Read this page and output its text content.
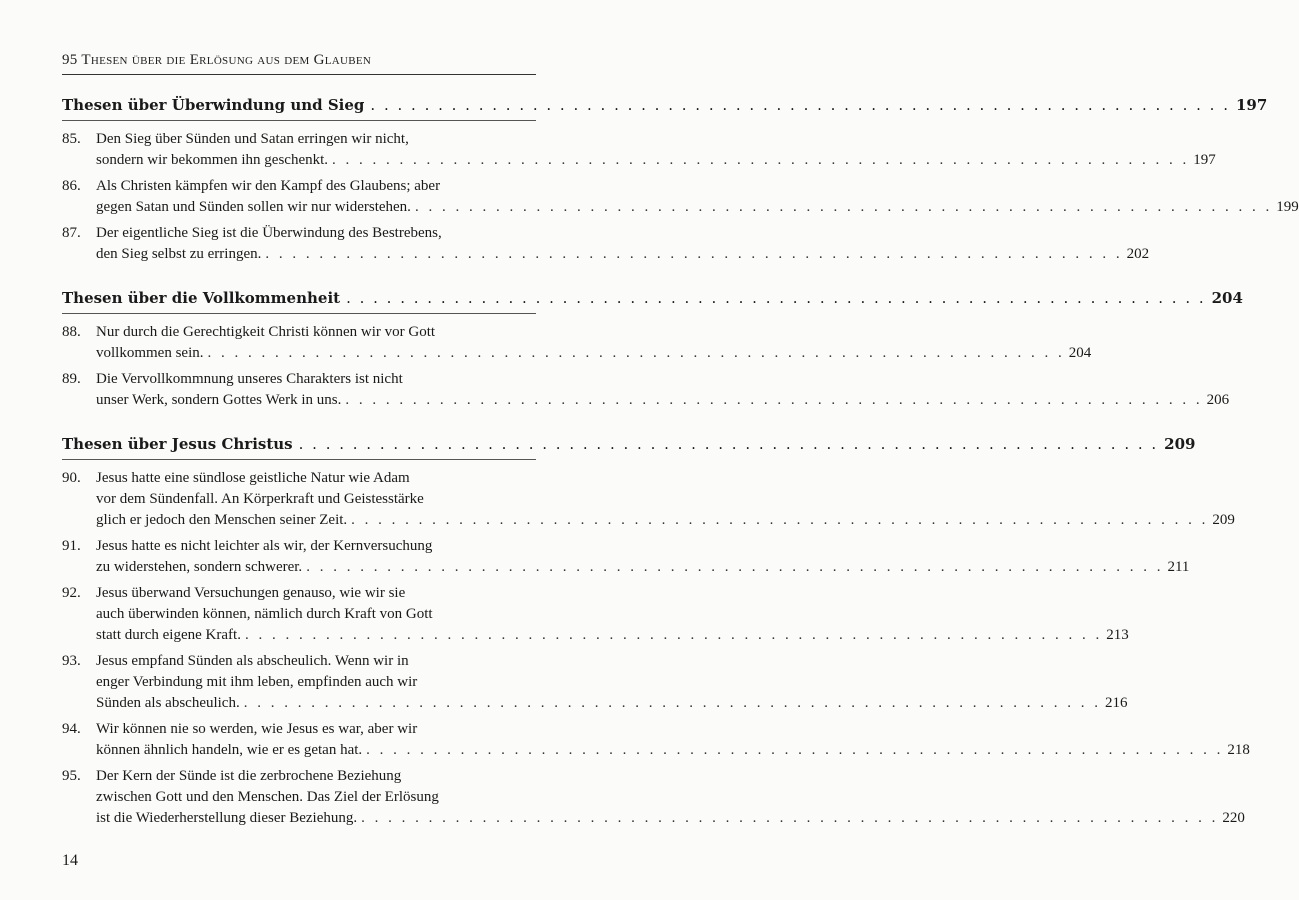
95 Thesen über die Erlösung aus dem Glauben
Thesen über Überwindung und Sieg . . . . . . . . . . . . . . . . . . . . . . . . . . . . . . . . . . . . . . . . . . . . . . . . . . . . . . . . . . . . . . . . 197
85.	Den Sieg über Sünden und Satan erringen wir nicht,
sondern wir bekommen ihn geschenkt. . . . . . . . . . . . . . . . . . . . . . . . . . . . . . . . . . . . . . . . . . . . . . . . . . . . . . . . . . . . . . . . . 197
86.	Als Christen kämpfen wir den Kampf des Glaubens; aber
gegen Satan und Sünden sollen wir nur widerstehen. . . . . . . . . . . . . . . . . . . . . . . . . . . . . . . . . . . . . . . . . . . . . . . . . . . . . . . . . . . . . . . . . 199
87.	Der eigentliche Sieg ist die Überwindung des Bestrebens,
den Sieg selbst zu erringen. . . . . . . . . . . . . . . . . . . . . . . . . . . . . . . . . . . . . . . . . . . . . . . . . . . . . . . . . . . . . . . . . 202
Thesen über die Vollkommenheit . . . . . . . . . . . . . . . . . . . . . . . . . . . . . . . . . . . . . . . . . . . . . . . . . . . . . . . . . . . . . . . . 204
88.	Nur durch die Gerechtigkeit Christi können wir vor Gott
vollkommen sein. . . . . . . . . . . . . . . . . . . . . . . . . . . . . . . . . . . . . . . . . . . . . . . . . . . . . . . . . . . . . . . . . 204
89.	Die Vervollkommnung unseres Charakters ist nicht
unser Werk, sondern Gottes Werk in uns. . . . . . . . . . . . . . . . . . . . . . . . . . . . . . . . . . . . . . . . . . . . . . . . . . . . . . . . . . . . . . . . . 206
Thesen über Jesus Christus . . . . . . . . . . . . . . . . . . . . . . . . . . . . . . . . . . . . . . . . . . . . . . . . . . . . . . . . . . . . . . . . 209
90.	Jesus hatte eine sündlose geistliche Natur wie Adam
vor dem Sündenfall. An Körperkraft und Geistesstärke
glich er jedoch den Menschen seiner Zeit. . . . . . . . . . . . . . . . . . . . . . . . . . . . . . . . . . . . . . . . . . . . . . . . . . . . . . . . . . . . . . . . . 209
91.	Jesus hatte es nicht leichter als wir, der Kernversuchung
zu widerstehen, sondern schwerer. . . . . . . . . . . . . . . . . . . . . . . . . . . . . . . . . . . . . . . . . . . . . . . . . . . . . . . . . . . . . . . . . 211
92.	Jesus überwand Versuchungen genauso, wie wir sie
auch überwinden können, nämlich durch Kraft von Gott
statt durch eigene Kraft. . . . . . . . . . . . . . . . . . . . . . . . . . . . . . . . . . . . . . . . . . . . . . . . . . . . . . . . . . . . . . . . . 213
93.	Jesus empfand Sünden als abscheulich. Wenn wir in
enger Verbindung mit ihm leben, empfinden auch wir
Sünden als abscheulich. . . . . . . . . . . . . . . . . . . . . . . . . . . . . . . . . . . . . . . . . . . . . . . . . . . . . . . . . . . . . . . . . 216
94.	Wir können nie so werden, wie Jesus es war, aber wir
können ähnlich handeln, wie er es getan hat. . . . . . . . . . . . . . . . . . . . . . . . . . . . . . . . . . . . . . . . . . . . . . . . . . . . . . . . . . . . . . . . . 218
95.	Der Kern der Sünde ist die zerbrochene Beziehung
zwischen Gott und den Menschen. Das Ziel der Erlösung
ist die Wiederherstellung dieser Beziehung. . . . . . . . . . . . . . . . . . . . . . . . . . . . . . . . . . . . . . . . . . . . . . . . . . . . . . . . . . . . . . . . . 220
14
